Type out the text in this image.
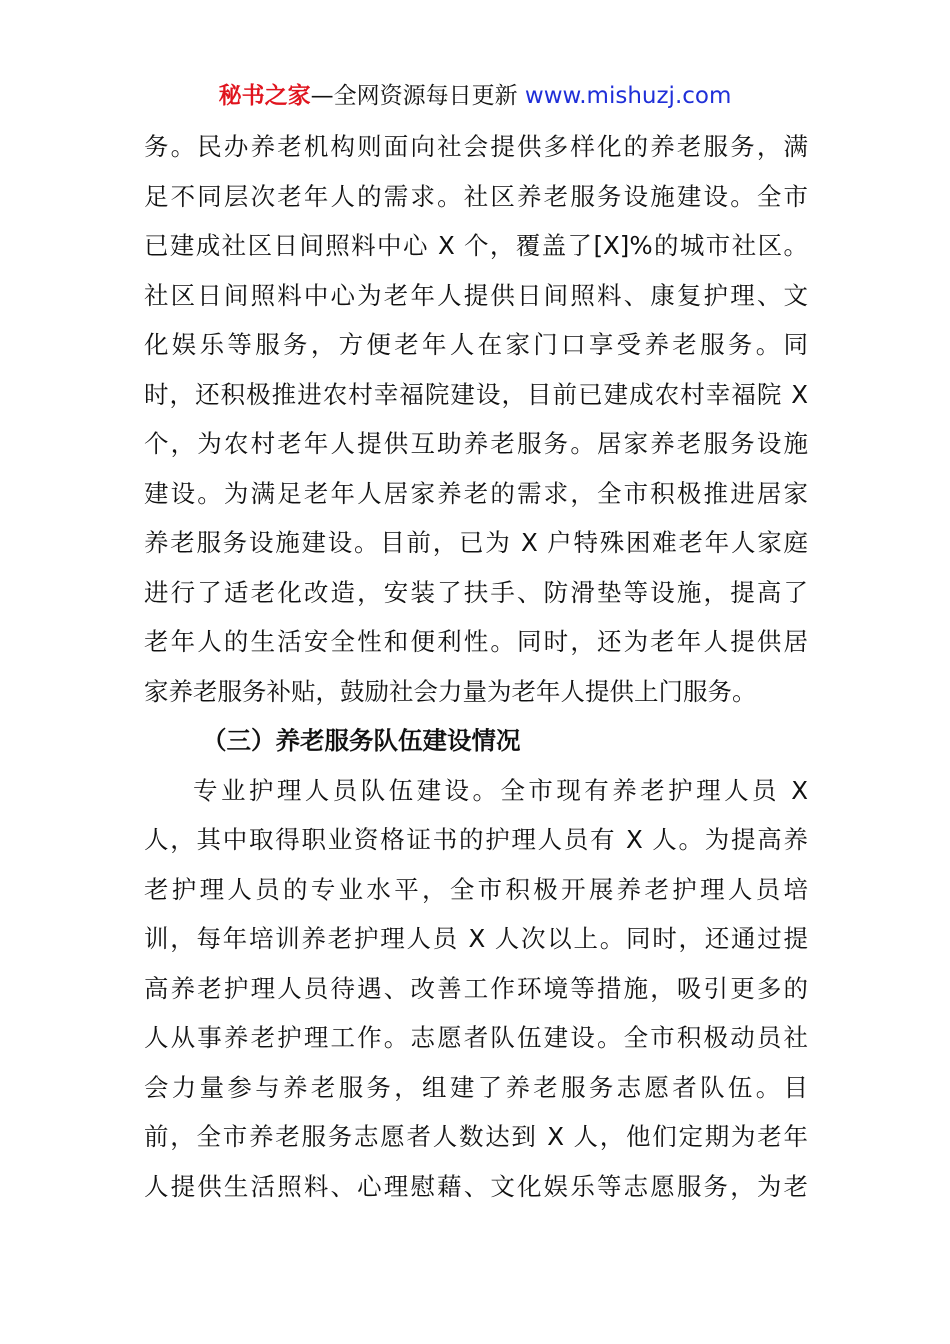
秘书之家—全网资源每日更新 www.mishuzj.com
务。民办养老机构则面向社会提供多样化的养老服务，满
足不同层次老年人的需求。社区养老服务设施建设。全市
已建成社区日间照料中心 X 个，覆盖了[X]%的城市社区。
社区日间照料中心为老年人提供日间照料、康复护理、文
化娱乐等服务，方便老年人在家门口享受养老服务。同
时，还积极推进农村幸福院建设，目前已建成农村幸福院 X
个，为农村老年人提供互助养老服务。居家养老服务设施
建设。为满足老年人居家养老的需求，全市积极推进居家
养老服务设施建设。目前，已为 X 户特殊困难老年人家庭
进行了适老化改造，安装了扶手、防滑垫等设施，提高了
老年人的生活安全性和便利性。同时，还为老年人提供居
家养老服务补贴，鼓励社会力量为老年人提供上门服务。
（三）养老服务队伍建设情况
专业护理人员队伍建设。全市现有养老护理人员 X
人，其中取得职业资格证书的护理人员有 X 人。为提高养
老护理人员的专业水平，全市积极开展养老护理人员培
训，每年培训养老护理人员 X 人次以上。同时，还通过提
高养老护理人员待遇、改善工作环境等措施，吸引更多的
人从事养老护理工作。志愿者队伍建设。全市积极动员社
会力量参与养老服务，组建了养老服务志愿者队伍。目
前，全市养老服务志愿者人数达到 X 人，他们定期为老年
人提供生活照料、心理慰藉、文化娱乐等志愿服务，为老
